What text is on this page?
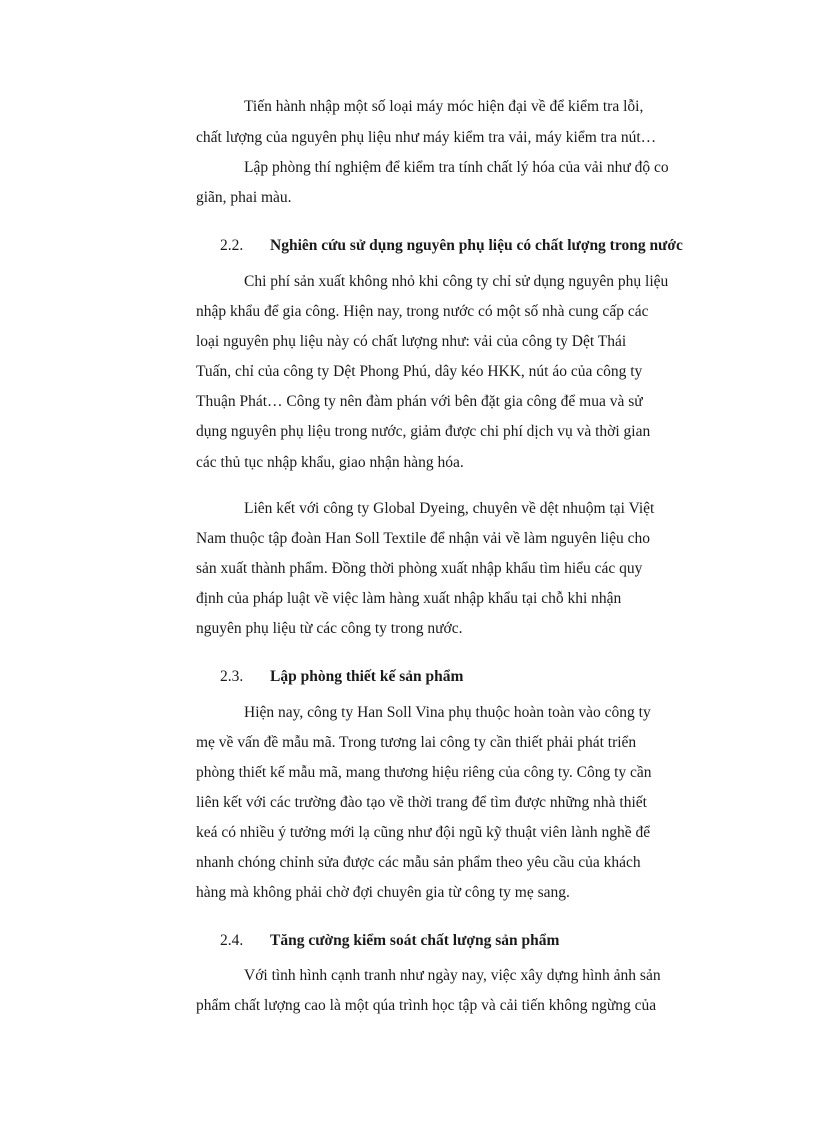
Tiến hành nhập một số loại máy móc hiện đại về để kiểm tra lỗi,
chất lượng của nguyên phụ liệu như máy kiểm tra vải, máy kiểm tra nút…
Lập phòng thí nghiệm để kiểm tra tính chất lý hóa của vải như độ co
giãn, phai màu.
2.2. Nghiên cứu sử dụng nguyên phụ liệu có chất lượng trong nước
Chi phí sản xuất không nhỏ khi công ty chỉ sử dụng nguyên phụ liệu
nhập khẩu để gia công. Hiện nay, trong nước có một số nhà cung cấp các
loại nguyên phụ liệu này có chất lượng như: vải của công ty Dệt Thái
Tuấn, chỉ của công ty Dệt Phong Phú, dây kéo HKK, nút áo của công ty
Thuận Phát… Công ty nên đàm phán với bên đặt gia công để mua và sử
dụng nguyên phụ liệu trong nước, giảm được chi phí dịch vụ và thời gian
các thủ tục nhập khẩu, giao nhận hàng hóa.
Liên kết với công ty Global Dyeing, chuyên về dệt nhuộm tại Việt
Nam thuộc tập đoàn Han Soll Textile để nhận vải về làm nguyên liệu cho
sản xuất thành phẩm. Đồng thời phòng xuất nhập khẩu tìm hiểu các quy
định của pháp luật về việc làm hàng xuất nhập khẩu tại chỗ khi nhận
nguyên phụ liệu từ các công ty trong nước.
2.3. Lập phòng thiết kế sản phẩm
Hiện nay, công ty Han Soll Vina phụ thuộc hoàn toàn vào công ty
mẹ về vấn đề mẫu mã. Trong tương lai công ty cần thiết phải phát triển
phòng thiết kế mẫu mã, mang thương hiệu riêng của công ty. Công ty cần
liên kết với các trường đào tạo về thời trang để tìm được những nhà thiết
keá có nhiều ý tưởng mới lạ cũng như đội ngũ kỹ thuật viên lành nghề để
nhanh chóng chỉnh sửa được các mẫu sản phẩm theo yêu cầu của khách
hàng mà không phải chờ đợi chuyên gia từ công ty mẹ sang.
2.4. Tăng cường kiểm soát chất lượng sản phẩm
Với tình hình cạnh tranh như ngày nay, việc xây dựng hình ảnh sản
phẩm chất lượng cao là một qúa trình học tập và cải tiến không ngừng của
